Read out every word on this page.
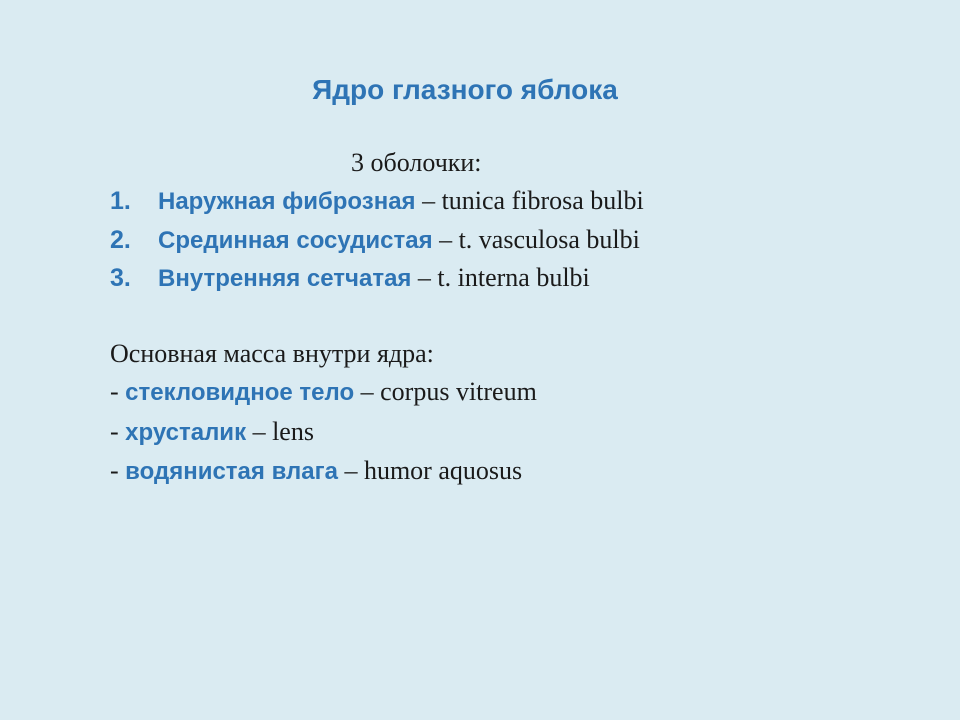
Ядро глазного яблока
3 оболочки:
1. Наружная фиброзная – tunica fibrosa bulbi
2. Срединная сосудистая – t. vasculosa bulbi
3. Внутренняя сетчатая – t. interna bulbi
Основная масса внутри ядра:
- стекловидное тело – corpus vitreum
- хрусталик – lens
- водянистая влага – humor aquosus
